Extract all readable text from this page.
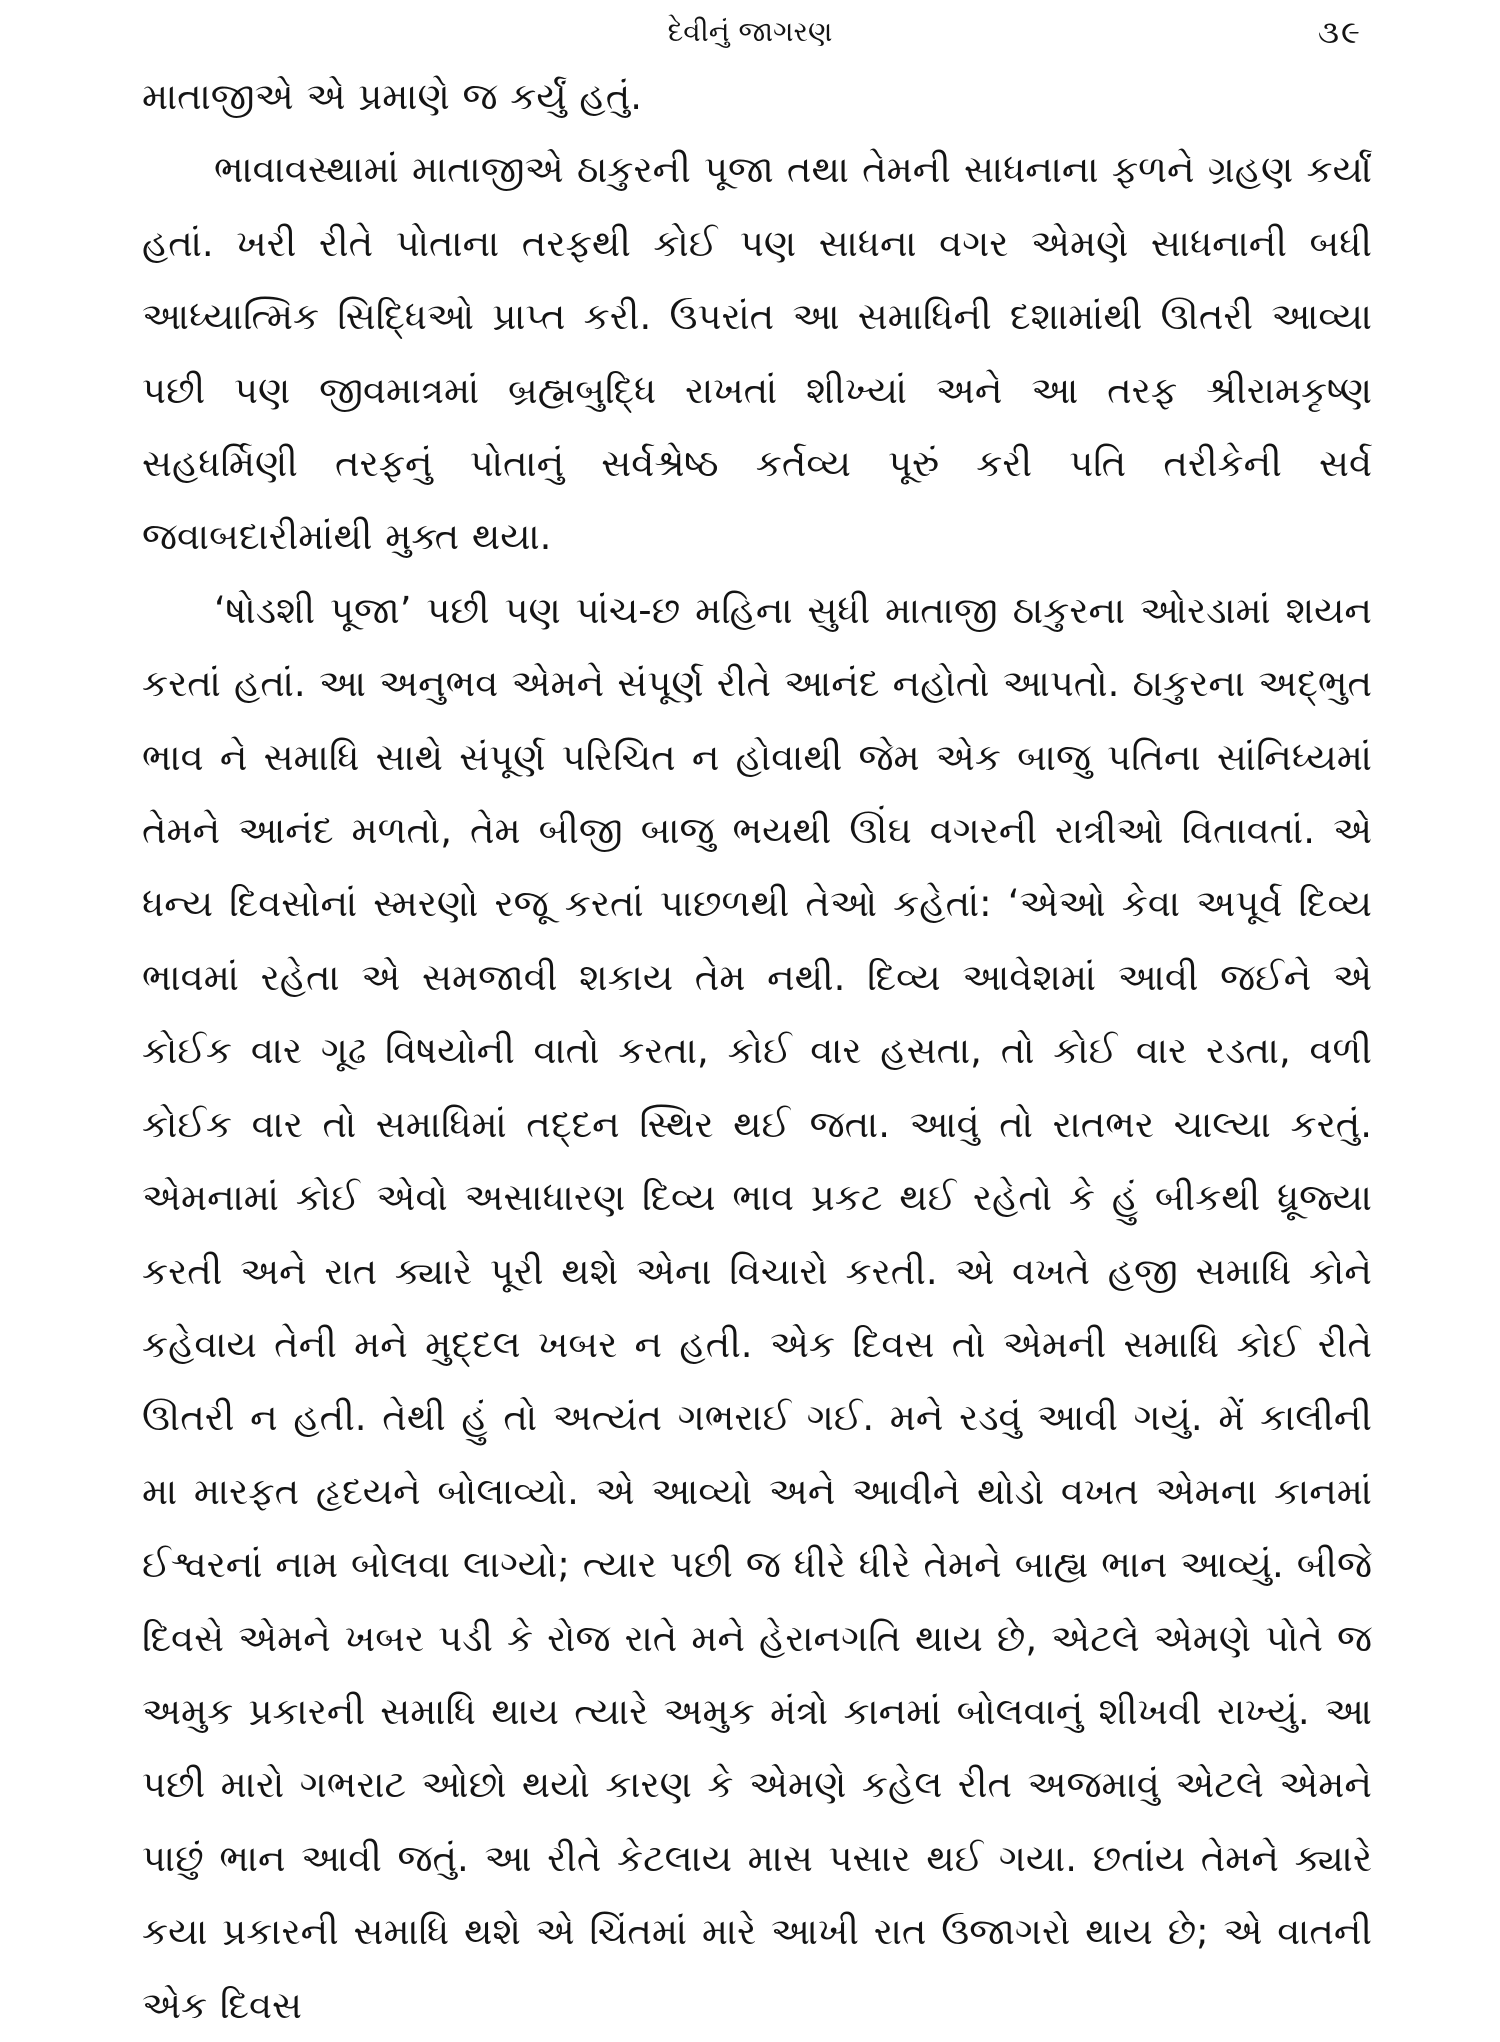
દેવીનું જાગરણ	૩૯

માતાજીએ એ પ્રમાણે જ કર્યું હતું.

ભાવાવસ્થામાં માતાજીએ ઠાકુરની પૂજા તથા તેમની સાધનાના ફળને ગ્રહણ કર્યાં હતાં. ખરી રીતે પોતાના તરફથી કોઈ પણ સાધના વગર એમણે સાધનાની બધી આધ્યાત્મિક સિદ્ધિઓ પ્રાપ્ત કરી. ઉપરાંત આ સમાધિની દશામાંથી ઊતરી આવ્યા પછી પણ જીવમાત્રમાં બ્રહ્મબુદ્ધિ રાખતાં શીખ્યાં અને આ તરફ શ્રીરામકૃષ્ણ સહધર્મિણી તરફનું પોતાનું સર્વશ્રેષ્ઠ કર્તવ્ય પૂરું કરી પતિ તરીકેની સર્વ જવાબદારીમાંથી મુક્ત થયા.

‘ષોડશી પૂજા’ પછી પણ પાંચ-છ મહિના સુધી માતાજી ઠાકુરના ઓરડામાં શયન કરતાં હતાં. આ અનુભવ એમને સંપૂર્ણ રીતે આનંદ નહોતો આપતો. ઠાકુરના અદ્ભુત ભાવ ને સમાધિ સાથે સંપૂર્ણ પરિચિત ન હોવાથી જેમ એક બાજુ પતિના સાંનિધ્યમાં તેમને આનંદ મળતો, તેમ બીજી બાજુ ભયથી ઊંઘ વગરની રાત્રીઓ વિતાવતાં. એ ધન્ય દિવસોનાં સ્મરણો રજૂ કરતાં પાછળથી તેઓ કહેતાં: ‘એઓ કેવા અપૂર્વ દિવ્ય ભાવમાં રહેતા એ સમજાવી શકાય તેમ નથી. દિવ્ય આવેશમાં આવી જઈને એ કોઈક વાર ગૂઢ વિષયોની વાતો કરતા, કોઈ વાર હસતા, તો કોઈ વાર રડતા, વળી કોઈક વાર તો સમાધિમાં તદ્દન સ્થિર થઈ જતા. આવું તો રાતભર ચાલ્યા કરતું. એમનામાં કોઈ એવો અસાધારણ દિવ્ય ભાવ પ્રકટ થઈ રહેતો કે હું બીકથી ધ્રૂજ્યા કરતી અને રાત ક્યારે પૂરી થશે એના વિચારો કરતી. એ વખતે હજી સમાધિ કોને કહેવાય તેની મને મુદ્દલ ખબર ન હતી. એક દિવસ તો એમની સમાધિ કોઈ રીતે ઊતરી ન હતી. તેથી હું તો અત્યંત ગભરાઈ ગઈ. મને રડવું આવી ગયું. મેં કાલીની મા મારફત હૃદયને બોલાવ્યો. એ આવ્યો અને આવીને થોડો વખત એમના કાનમાં ઈશ્વરનાં નામ બોલવા લાગ્યો; ત્યાર પછી જ ધીરે ધીરે તેમને બાહ્ય ભાન આવ્યું. બીજે દિવસે એમને ખબર પડી કે રોજ રાતે મને હેરાનગતિ થાય છે, એટલે એમણે પોતે જ અમુક પ્રકારની સમાધિ થાય ત્યારે અમુક મંત્રો કાનમાં બોલવાનું શીખવી રાખ્યું. આ પછી મારો ગભરાટ ઓછો થયો કારણ કે એમણે કહેલ રીત અજમાવું એટલે એમને પાછું ભાન આવી જતું. આ રીતે કેટલાય માસ પસાર થઈ ગયા. છતાંય તેમને ક્યારે કયા પ્રકારની સમાધિ થશે એ ચિંતમાં મારે આખી રાત ઉજાગરો થાય છે; એ વાતની એક દિવસ
